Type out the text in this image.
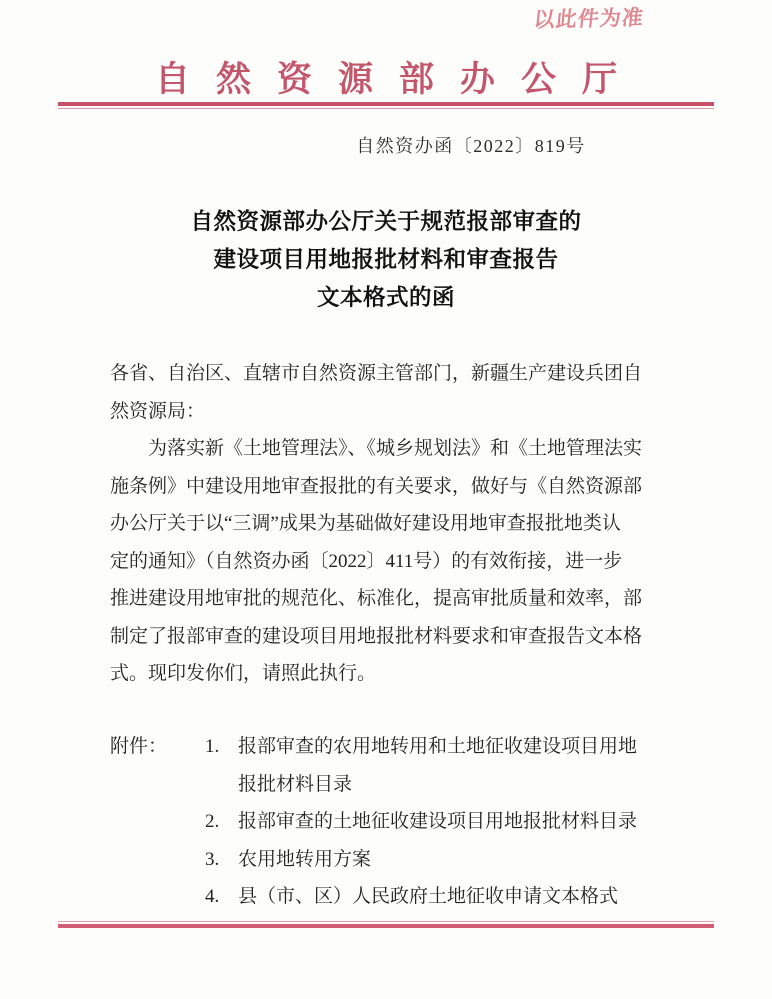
以此件为准
自然资源部办公厅
自然资办函〔2022〕819号
自然资源部办公厅关于规范报部审查的
建设项目用地报批材料和审查报告
文本格式的函
各省、自治区、直辖市自然资源主管部门，新疆生产建设兵团自
然资源局：
　　为落实新《土地管理法》、《城乡规划法》和《土地管理法实
施条例》中建设用地审查报批的有关要求，做好与《自然资源部
办公厅关于以“三调”成果为基础做好建设用地审查报批地类认
定的通知》（自然资办函〔2022〕411号）的有效衔接，进一步
推进建设用地审批的规范化、标准化，提高审批质量和效率，部
制定了报部审查的建设项目用地报批材料要求和审查报告文本格
式。现印发你们，请照此执行。
附件： 1. 报部审查的农用地转用和土地征收建设项目用地
报批材料目录
2. 报部审查的土地征收建设项目用地报批材料目录
3. 农用地转用方案
4. 县（市、区）人民政府土地征收申请文本格式
